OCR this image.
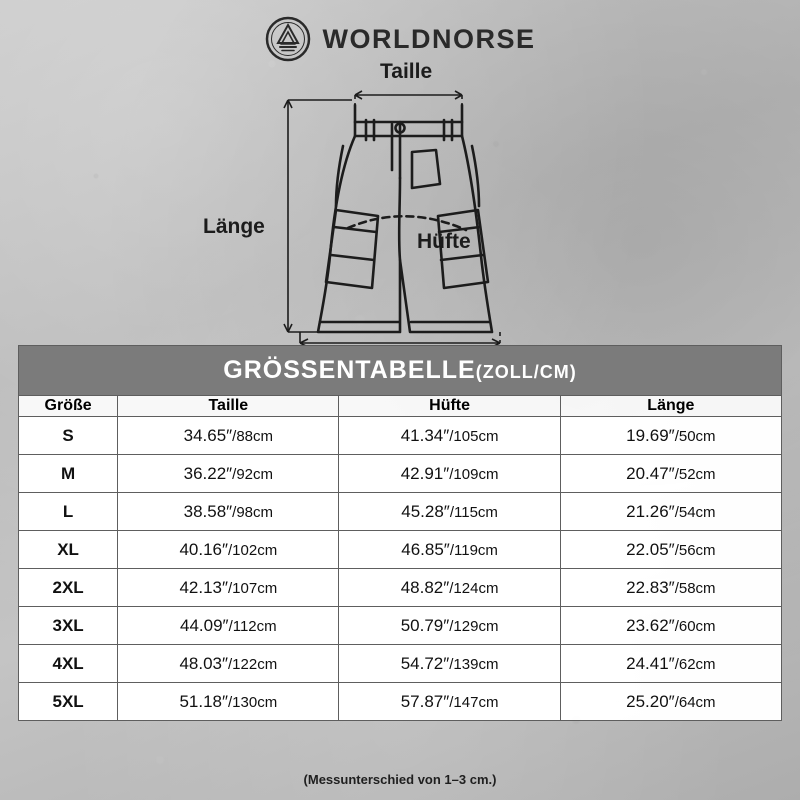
WORLDNORSE
Taille
Länge
Hüfte
GRÖSSENTABELLE(ZOLL/CM)			
Größe	Taille	Hüfte	Länge
S	34.65″/88cm	41.34″/105cm	19.69″/50cm
M	36.22″/92cm	42.91″/109cm	20.47″/52cm
L	38.58″/98cm	45.28″/115cm	21.26″/54cm
XL	40.16″/102cm	46.85″/119cm	22.05″/56cm
2XL	42.13″/107cm	48.82″/124cm	22.83″/58cm
3XL	44.09″/112cm	50.79″/129cm	23.62″/60cm
4XL	48.03″/122cm	54.72″/139cm	24.41″/62cm
5XL	51.18″/130cm	57.87″/147cm	25.20″/64cm
(Messunterschied von 1–3 cm.)
